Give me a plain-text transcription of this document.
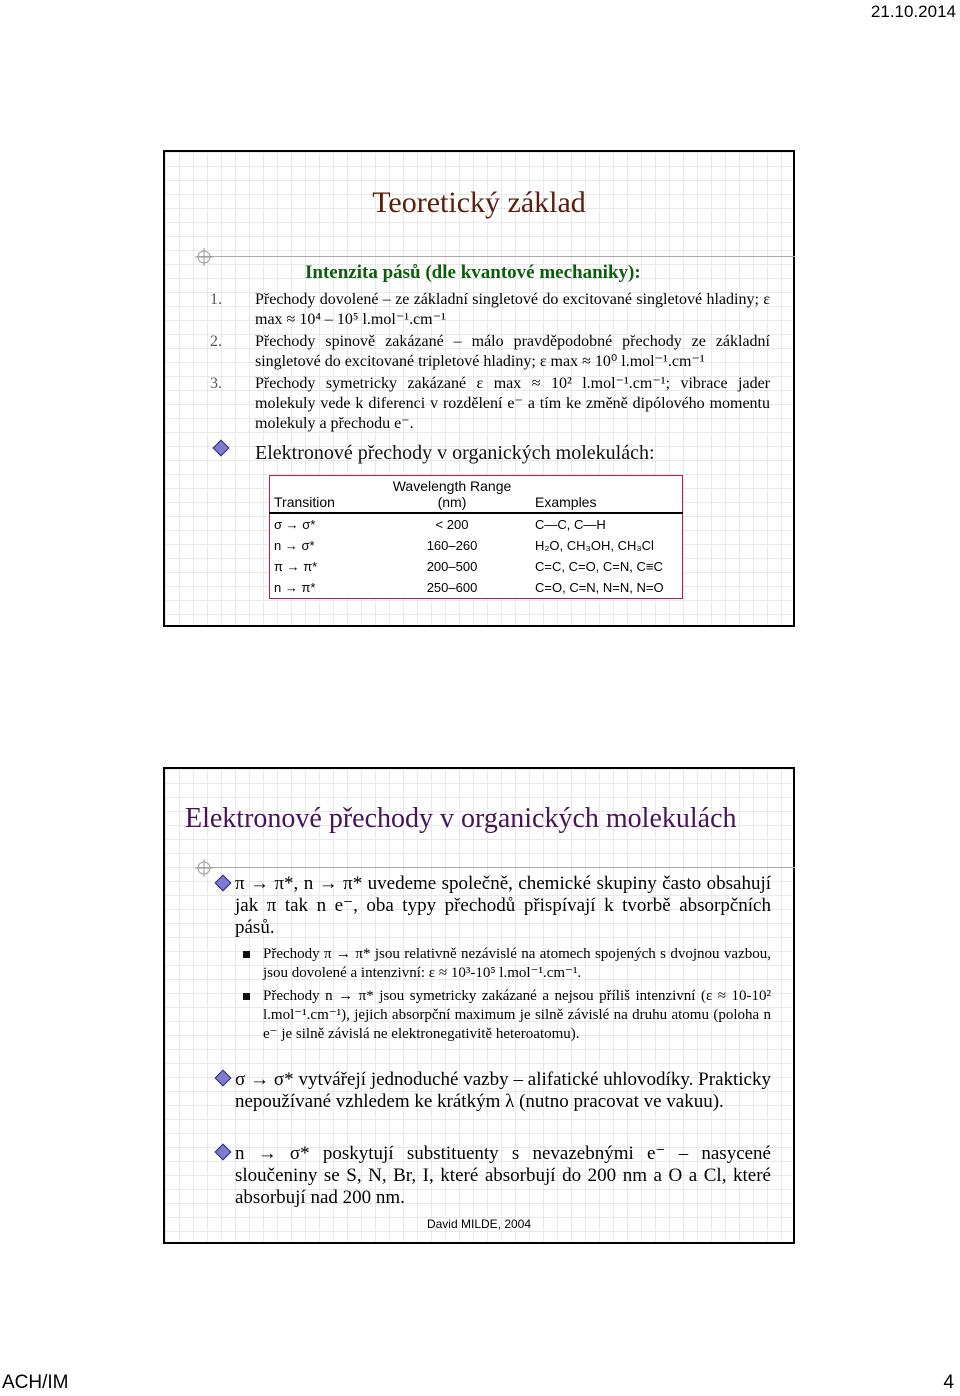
21.10.2014
Teoretický základ
Intenzita pásů (dle kvantové mechaniky):
1. Přechody dovolené – ze základní singletové do excitované singletové hladiny; ε max ≈ 10⁴ – 10⁵ l.mol⁻¹.cm⁻¹
2. Přechody spinově zakázané – málo pravděpodobné přechody ze základní singletové do excitované tripletové hladiny; ε max ≈ 10⁰ l.mol⁻¹.cm⁻¹
3. Přechody symetricky zakázané ε max ≈ 10² l.mol⁻¹.cm⁻¹; vibrace jader molekuly vede k diferenci v rozdělení e⁻ a tím ke změně dipólového momentu molekuly a přechodu e⁻.
Elektronové přechody v organických molekulách:
Transition	Wavelength Range (nm)	Examples
σ → σ*	< 200	C—C, C—H
n → σ*	160–260	H₂O, CH₃OH, CH₃Cl
π → π*	200–500	C=C, C=O, C=N, C≡C
n → π*	250–600	C=O, C=N, N=N, N=O
Elektronové přechody v organických molekulách
π → π*, n → π* uvedeme společně, chemické skupiny často obsahují jak π tak n e⁻, oba typy přechodů přispívají k tvorbě absorpčních pásů.
Přechody π → π* jsou relativně nezávislé na atomech spojených s dvojnou vazbou, jsou dovolené a intenzivní: ε ≈ 10³-10⁵ l.mol⁻¹.cm⁻¹.
Přechody n → π* jsou symetricky zakázané a nejsou příliš intenzivní (ε ≈ 10-10² l.mol⁻¹.cm⁻¹), jejich absorpční maximum je silně závislé na druhu atomu (poloha n e⁻ je silně závislá ne elektronegativitě heteroatomu).
σ → σ* vytvářejí jednoduché vazby – alifatické uhlovodíky. Prakticky nepoužívané vzhledem ke krátkým λ (nutno pracovat ve vakuu).
n → σ* poskytují substituenty s nevazebnými e⁻ – nasycené sloučeniny se S, N, Br, I, které absorbují do 200 nm a O a Cl, které absorbují nad 200 nm.
David MILDE, 2004
ACH/IM	4
